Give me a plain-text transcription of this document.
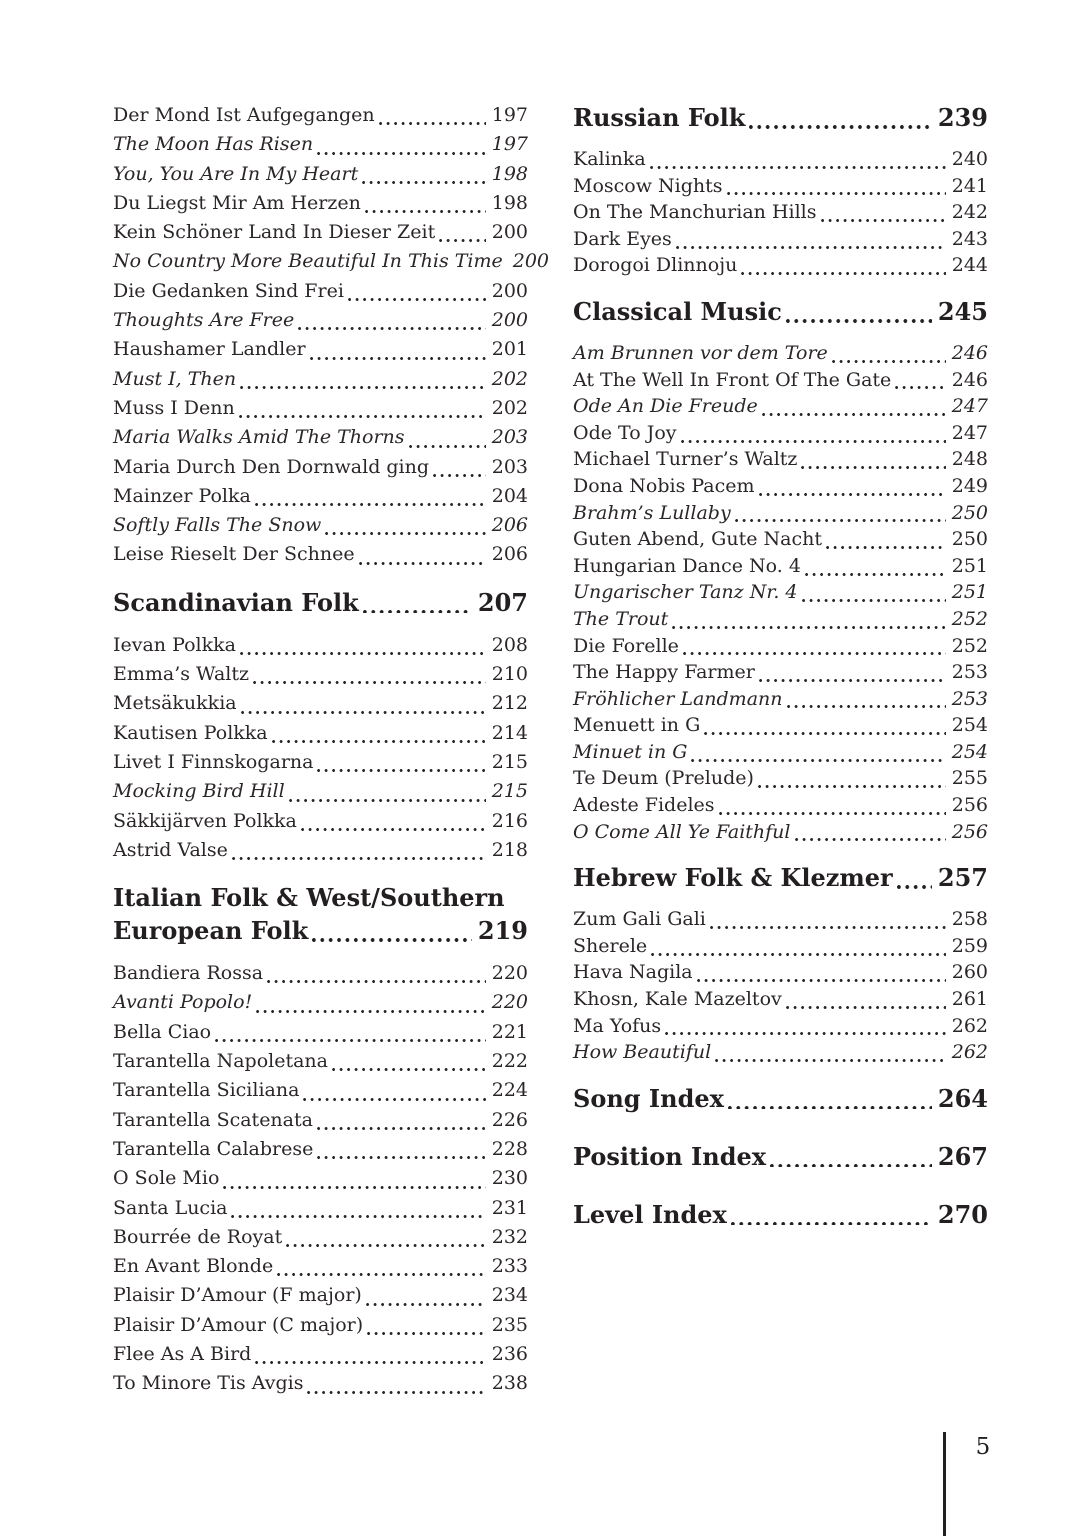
Der Mond Ist Aufgegangen	197
The Moon Has Risen	197
You, You Are In My Heart	198
Du Liegst Mir Am Herzen	198
Kein Schöner Land In Dieser Zeit	200
No Country More Beautiful In This Time 200
Die Gedanken Sind Frei	200
Thoughts Are Free	200
Haushamer Landler	201
Must I, Then	202
Muss I Denn	202
Maria Walks Amid The Thorns	203
Maria Durch Den Dornwald ging	203
Mainzer Polka	204
Softly Falls The Snow	206
Leise Rieselt Der Schnee	206
Scandinavian Folk	207
Ievan Polkka	208
Emma’s Waltz	210
Metsäkukkia	212
Kautisen Polkka	214
Livet I Finnskogarna	215
Mocking Bird Hill	215
Säkkijärven Polkka	216
Astrid Valse	218
Italian Folk & West/Southern
European Folk	219
Bandiera Rossa	220
Avanti Popolo!	220
Bella Ciao	221
Tarantella Napoletana	222
Tarantella Siciliana	224
Tarantella Scatenata	226
Tarantella Calabrese	228
O Sole Mio	230
Santa Lucia	231
Bourrée de Royat	232
En Avant Blonde	233
Plaisir D’Amour (F major)	234
Plaisir D’Amour (C major)	235
Flee As A Bird	236
To Minore Tis Avgis	238
Russian Folk	239
Kalinka	240
Moscow Nights	241
On The Manchurian Hills	242
Dark Eyes	243
Dorogoi Dlinnoju	244
Classical Music	245
Am Brunnen vor dem Tore	246
At The Well In Front Of The Gate	246
Ode An Die Freude	247
Ode To Joy	247
Michael Turner’s Waltz	248
Dona Nobis Pacem	249
Brahm’s Lullaby	250
Guten Abend, Gute Nacht	250
Hungarian Dance No. 4	251
Ungarischer Tanz Nr. 4	251
The Trout	252
Die Forelle	252
The Happy Farmer	253
Fröhlicher Landmann	253
Menuett in G	254
Minuet in G	254
Te Deum (Prelude)	255
Adeste Fideles	256
O Come All Ye Faithful	256
Hebrew Folk & Klezmer 257
Zum Gali Gali	258
Sherele	259
Hava Nagila	260
Khosn, Kale Mazeltov	261
Ma Yofus	262
How Beautiful	262
Song Index	264
Position Index	267
Level Index	270
5
